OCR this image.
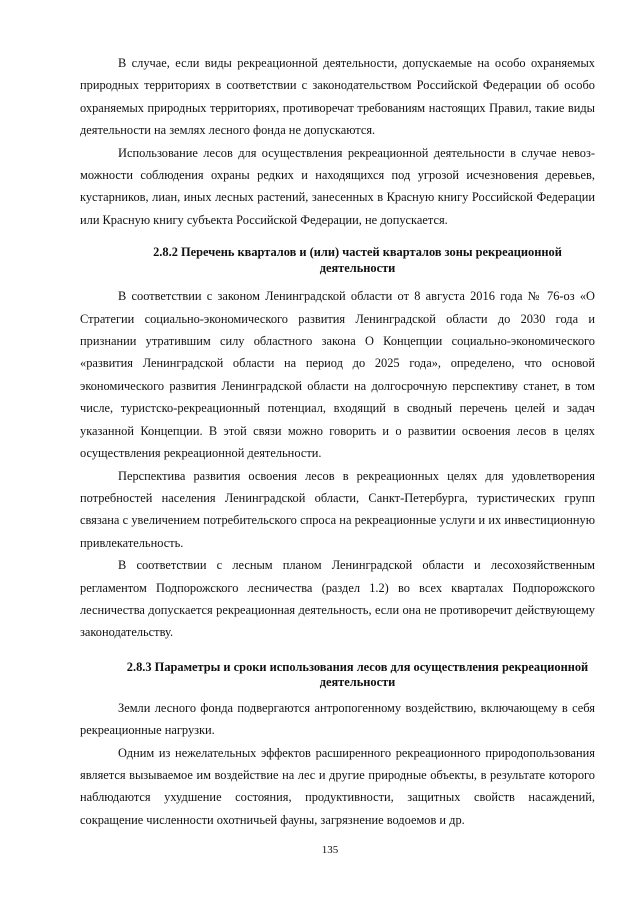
В случае, если виды рекреационной деятельности, допускаемые на особо охраняемых природных территориях в соответствии с законодательством Российской Федерации об особо охраняемых природных территориях, противоречат требованиям настоящих Правил, такие виды деятельности на землях лесного фонда не допускаются.

Использование лесов для осуществления рекреационной деятельности в случае невозможности соблюдения охраны редких и находящихся под угрозой исчезновения деревьев, кустарников, лиан, иных лесных растений, занесенных в Красную книгу Российской Федерации или Красную книгу субъекта Российской Федерации, не допускается.

2.8.2 Перечень кварталов и (или) частей кварталов зоны рекреационной деятельности

В соответствии с законом Ленинградской области от 8 августа 2016 года № 76-оз «О Стратегии социально-экономического развития Ленинградской области до 2030 года и признании утратившим силу областного закона О Концепции социально-экономического «развития Ленинградской области на период до 2025 года», определено, что основой экономического развития Ленинградской области на долгосрочную перспективу станет, в том числе, туристско-рекреационный потенциал, входящий в сводный перечень целей и задач указанной Концепции. В этой связи можно говорить и о развитии освоения лесов в целях осуществления рекреационной деятельности.

Перспектива развития освоения лесов в рекреационных целях для удовлетворения потребностей населения Ленинградской области, Санкт-Петербурга, туристических групп связана с увеличением потребительского спроса на рекреационные услуги и их инвестиционную привлекательность.

В соответствии с лесным планом Ленинградской области и лесохозяйственным регламентом Подпорожского лесничества (раздел 1.2) во всех кварталах Подпорожского лесничества допускается рекреационная деятельность, если она не противоречит действующему законодательству.

2.8.3 Параметры и сроки использования лесов для осуществления рекреационной деятельности

Земли лесного фонда подвергаются антропогенному воздействию, включающему в себя рекреационные нагрузки.

Одним из нежелательных эффектов расширенного рекреационного природопользования является вызываемое им воздействие на лес и другие природные объекты, в результате которого наблюдаются ухудшение состояния, продуктивности, защитных свойств насаждений, сокращение численности охотничьей фауны, загрязнение водоемов и др.

135
